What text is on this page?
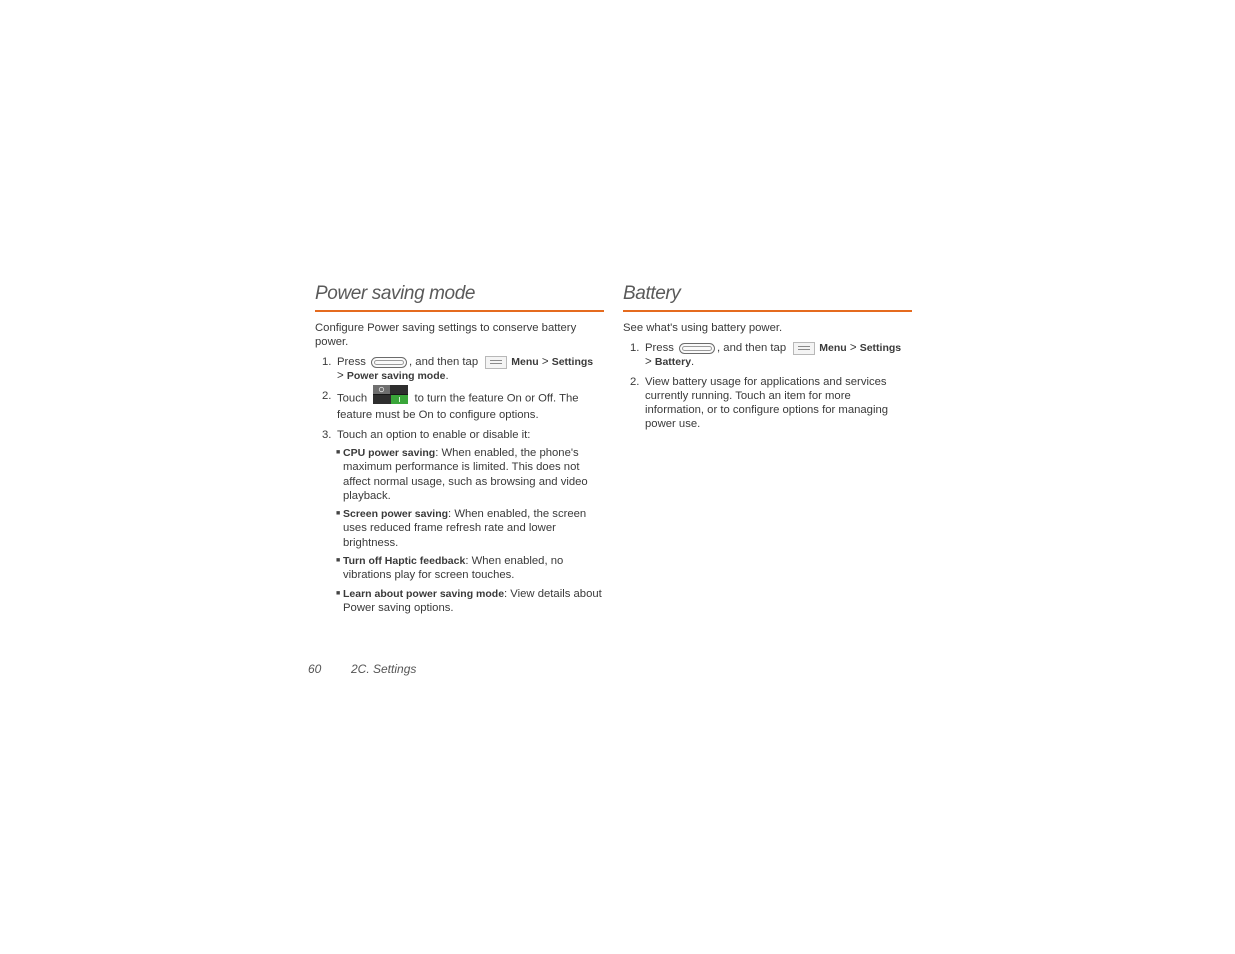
Power saving mode

Configure Power saving settings to conserve battery power.

1. Press	, and then tap	Menu > Settings
> Power saving mode.
2. Touch	to turn the feature On or Off. The feature must be On to configure options.
3. Touch an option to enable or disable it:
■ CPU power saving: When enabled, the phone's maximum performance is limited. This does not affect normal usage, such as browsing and video playback.
■ Screen power saving: When enabled, the screen uses reduced frame refresh rate and lower brightness.
■ Turn off Haptic feedback: When enabled, no vibrations play for screen touches.
■ Learn about power saving mode: View details about Power saving options.
Battery

See what's using battery power.

1. Press	, and then tap	Menu > Settings
> Battery.
2. View battery usage for applications and services currently running. Touch an item for more information, or to configure options for managing power use.
60 2C. Settings
